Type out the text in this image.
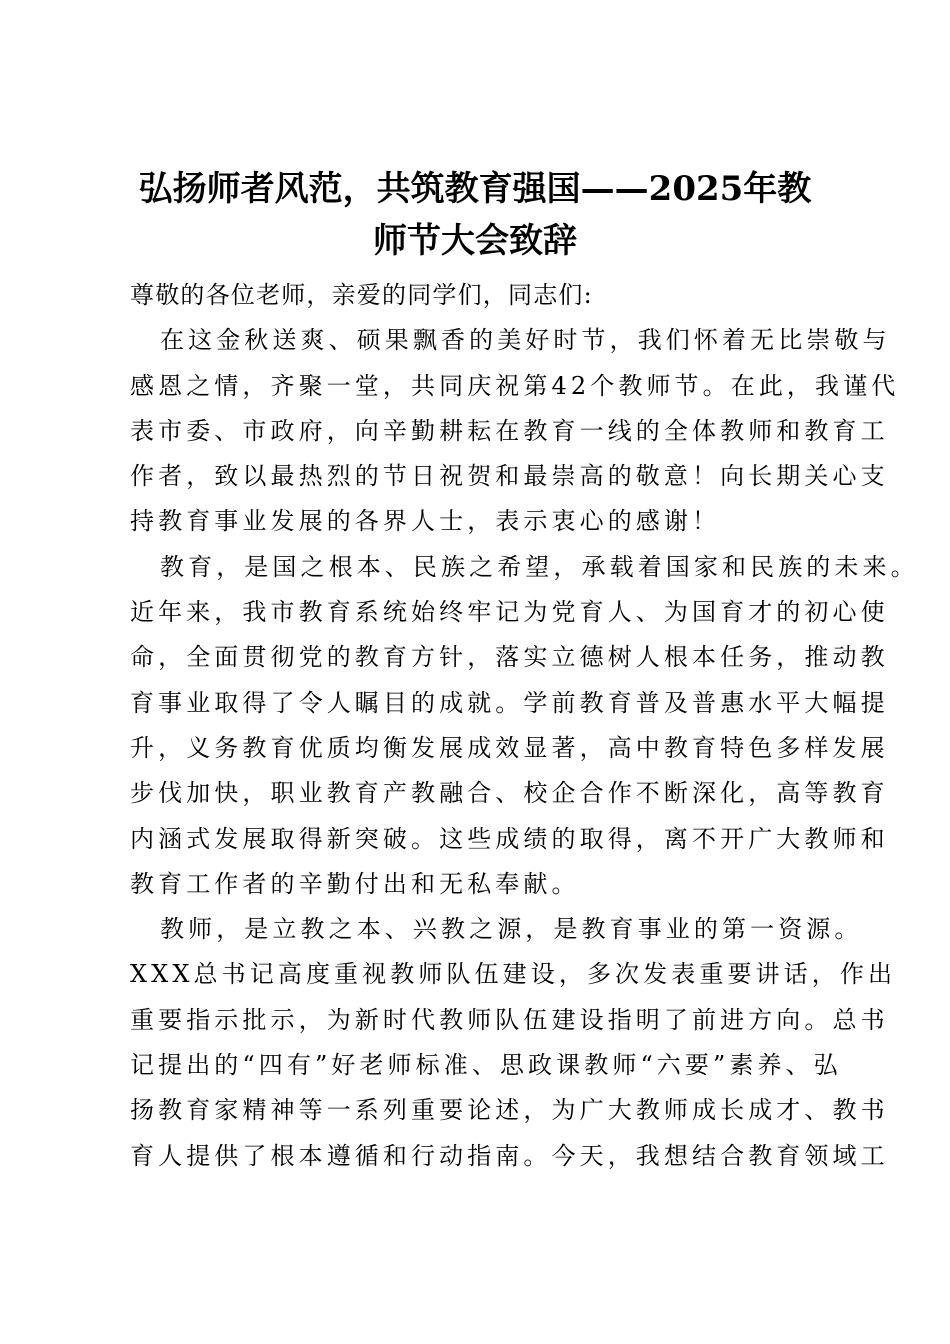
弘扬师者风范，共筑教育强国——2025年教
师节大会致辞
尊敬的各位老师，亲爱的同学们，同志们:
在这金秋送爽、硕果飘香的美好时节，我们怀着无比崇敬与
感恩之情，齐聚一堂，共同庆祝第42个教师节。在此，我谨代
表市委、市政府，向辛勤耕耘在教育一线的全体教师和教育工
作者，致以最热烈的节日祝贺和最崇高的敬意！向长期关心支
持教育事业发展的各界人士，表示衷心的感谢！
教育，是国之根本、民族之希望，承载着国家和民族的未来。
近年来，我市教育系统始终牢记为党育人、为国育才的初心使
命，全面贯彻党的教育方针，落实立德树人根本任务，推动教
育事业取得了令人瞩目的成就。学前教育普及普惠水平大幅提
升，义务教育优质均衡发展成效显著，高中教育特色多样发展
步伐加快，职业教育产教融合、校企合作不断深化，高等教育
内涵式发展取得新突破。这些成绩的取得，离不开广大教师和
教育工作者的辛勤付出和无私奉献。
教师，是立教之本、兴教之源，是教育事业的第一资源。
XXX总书记高度重视教师队伍建设，多次发表重要讲话，作出
重要指示批示，为新时代教师队伍建设指明了前进方向。总书
记提出的“四有”好老师标准、思政课教师“六要”素养、弘
扬教育家精神等一系列重要论述，为广大教师成长成才、教书
育人提供了根本遵循和行动指南。今天，我想结合教育领域工
